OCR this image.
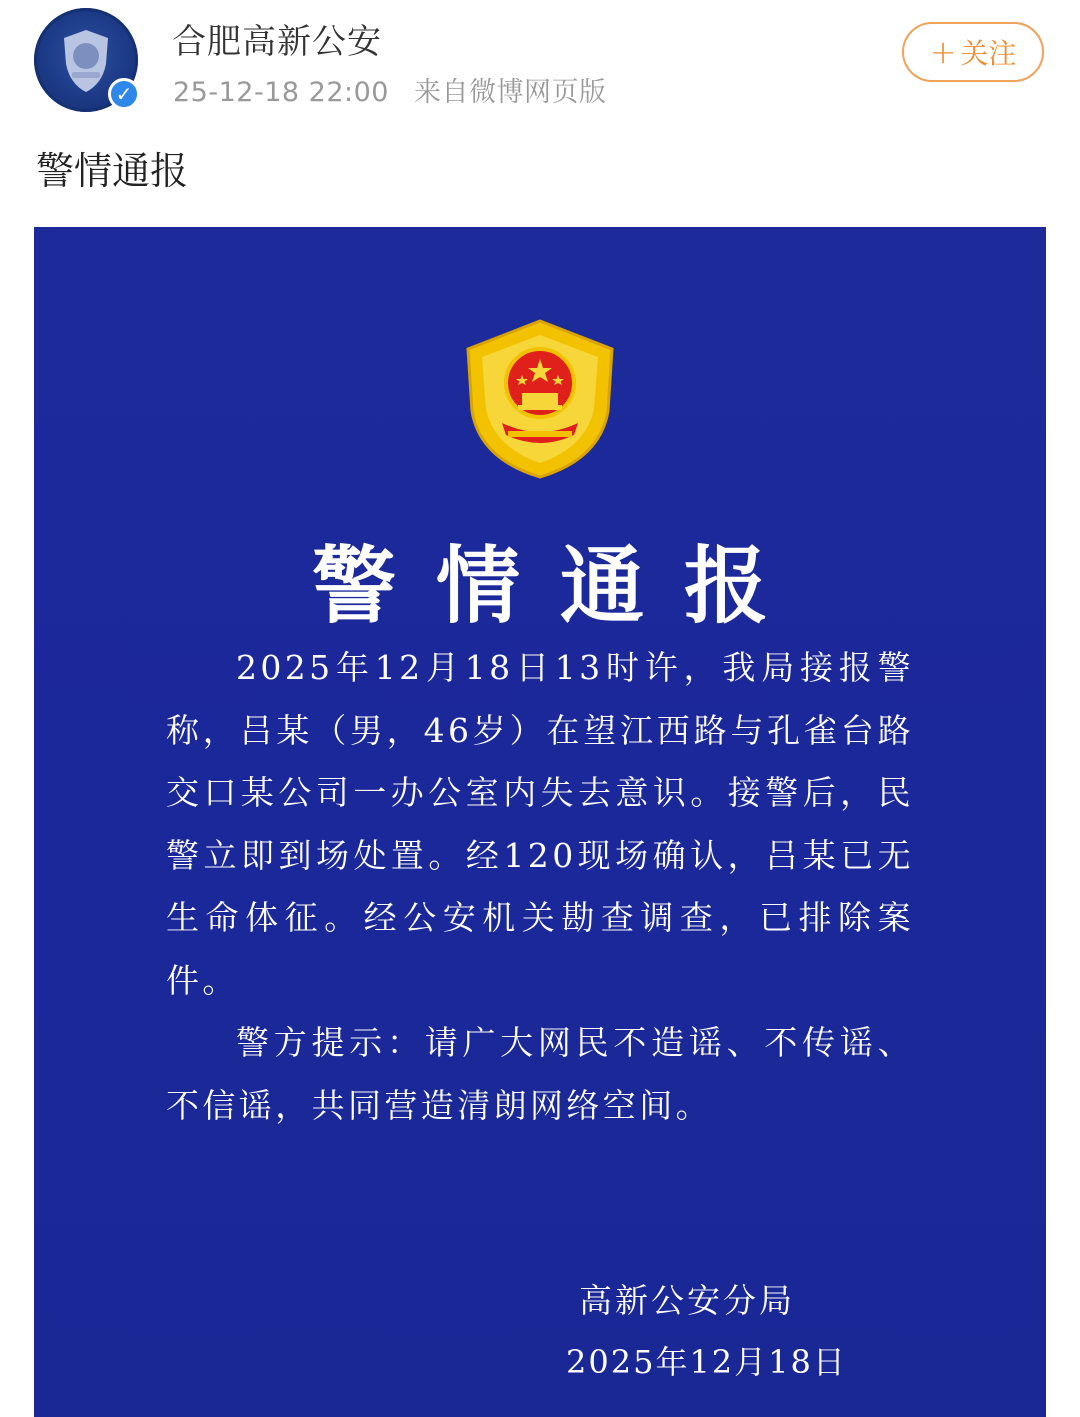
✓
合肥高新公安
25-12-18 22:00 来自微博网页版
+ 关注
警情通报
警情通报

2025年12月18日13时许，我局接报警称，吕某（男，46岁）在望江西路与孔雀台路交口某公司一办公室内失去意识。接警后，民警立即到场处置。经120现场确认，吕某已无生命体征。经公安机关勘查调查，已排除案件。

警方提示：请广大网民不造谣、不传谣、不信谣，共同营造清朗网络空间。

高新公安分局
2025年12月18日
